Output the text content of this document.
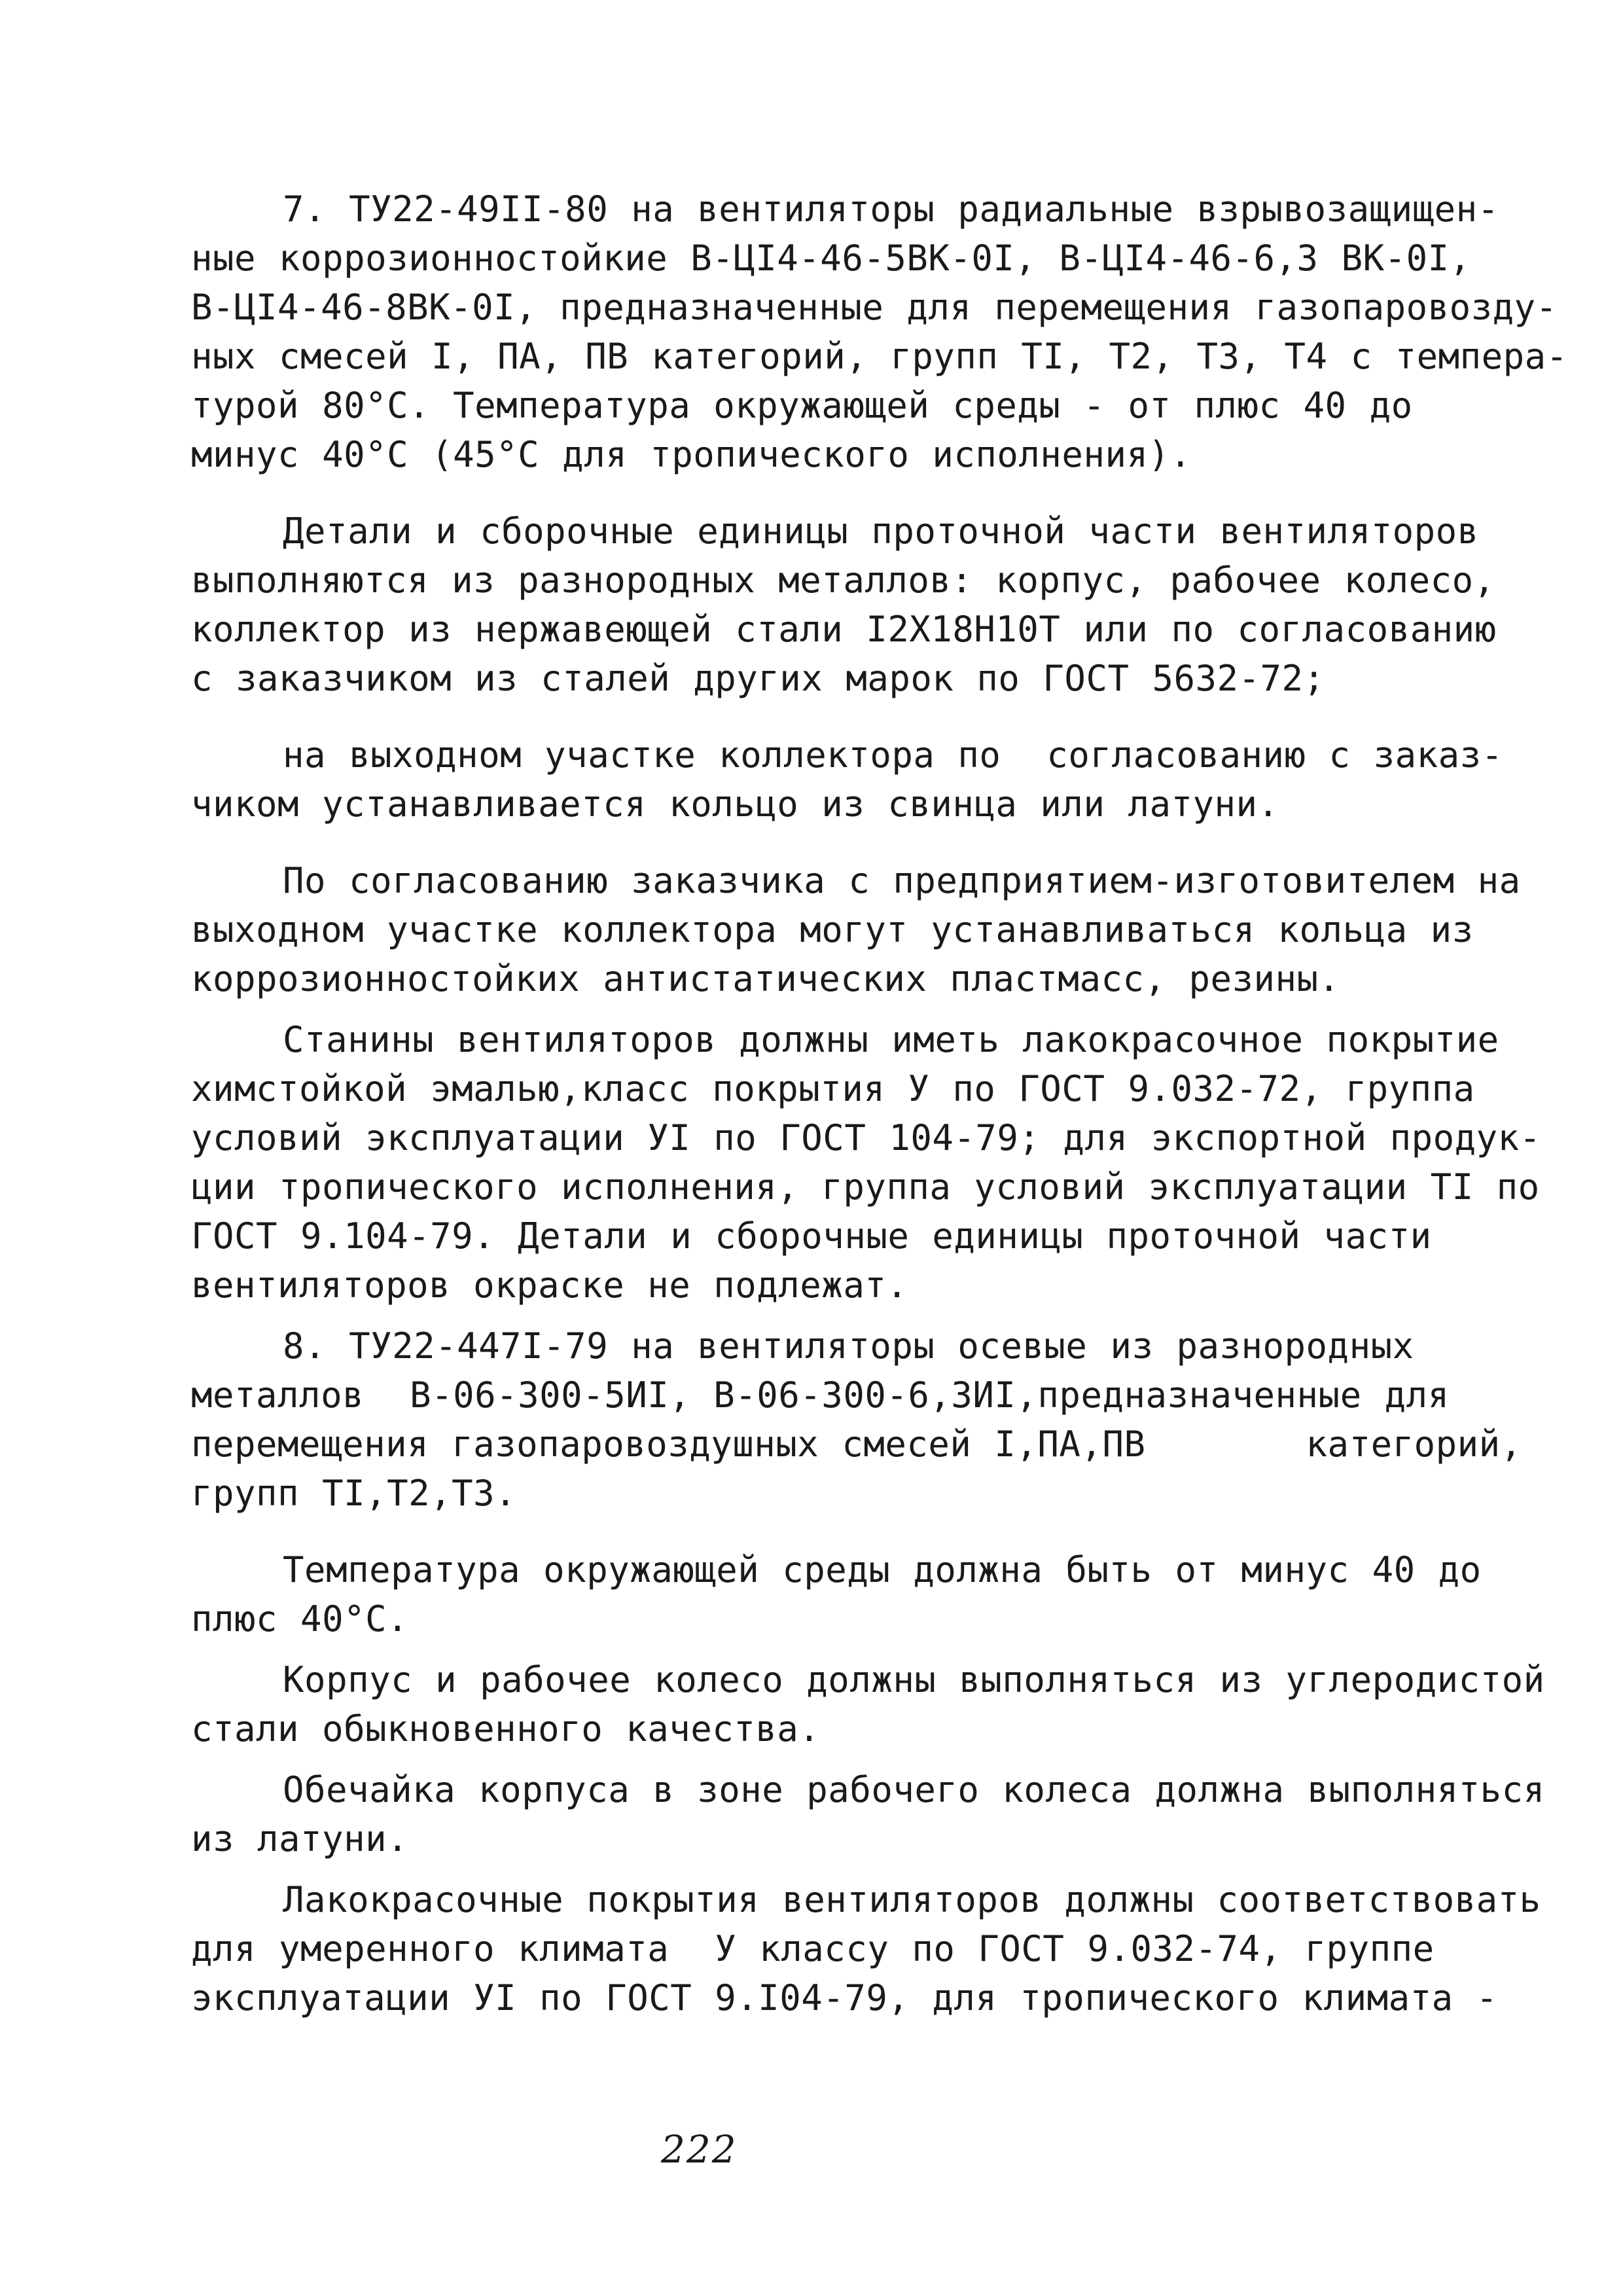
7. ТУ22-49II-80 на вентиляторы радиальные взрывозащищен-
ные коррозионностойкие В-ЦI4-46-5ВК-0I, В-ЦI4-46-6,3 ВК-0I,
В-ЦI4-46-8ВК-0I, предназначенные для перемещения газопаровозду-
ных смесей I, ПА, ПВ категорий, групп ТI, Т2, Т3, Т4 с темпера-
турой 80°С. Температура окружающей среды - от плюс 40 до
минус 40°С (45°С для тропического исполнения).

Детали и сборочные единицы проточной части вентиляторов
выполняются из разнородных металлов: корпус, рабочее колесо,
коллектор из нержавеющей стали I2Х18Н10Т или по согласованию
с заказчиком из сталей других марок по ГОСТ 5632-72;

на выходном участке коллектора по  согласованию с заказ-
чиком устанавливается кольцо из свинца или латуни.

По согласованию заказчика с предприятием-изготовителем на
выходном участке коллектора могут устанавливаться кольца из
коррозионностойких антистатических пластмасс, резины.

Станины вентиляторов должны иметь лакокрасочное покрытие
химстойкой эмалью,класс покрытия У по ГОСТ 9.032-72, группа
условий эксплуатации УI по ГОСТ 104-79; для экспортной продук-
ции тропического исполнения, группа условий эксплуатации ТI по
ГОСТ 9.104-79. Детали и сборочные единицы проточной части
вентиляторов окраске не подлежат.

8. ТУ22-447I-79 на вентиляторы осевые из разнородных
металлов  В-06-300-5ИI, В-06-300-6,3ИI,предназначенные для
перемещения газопаровоздушных смесей I,ПА,ПВ       категорий,
групп ТI,Т2,Т3.

Температура окружающей среды должна быть от минус 40 до
плюс 40°С.

Корпус и рабочее колесо должны выполняться из углеродистой
стали обыкновенного качества.

Обечайка корпуса в зоне рабочего колеса должна выполняться
из латуни.

Лакокрасочные покрытия вентиляторов должны соответствовать
для умеренного климата  У классу по ГОСТ 9.032-74, группе
эксплуатации УI по ГОСТ 9.I04-79, для тропического климата -

222
